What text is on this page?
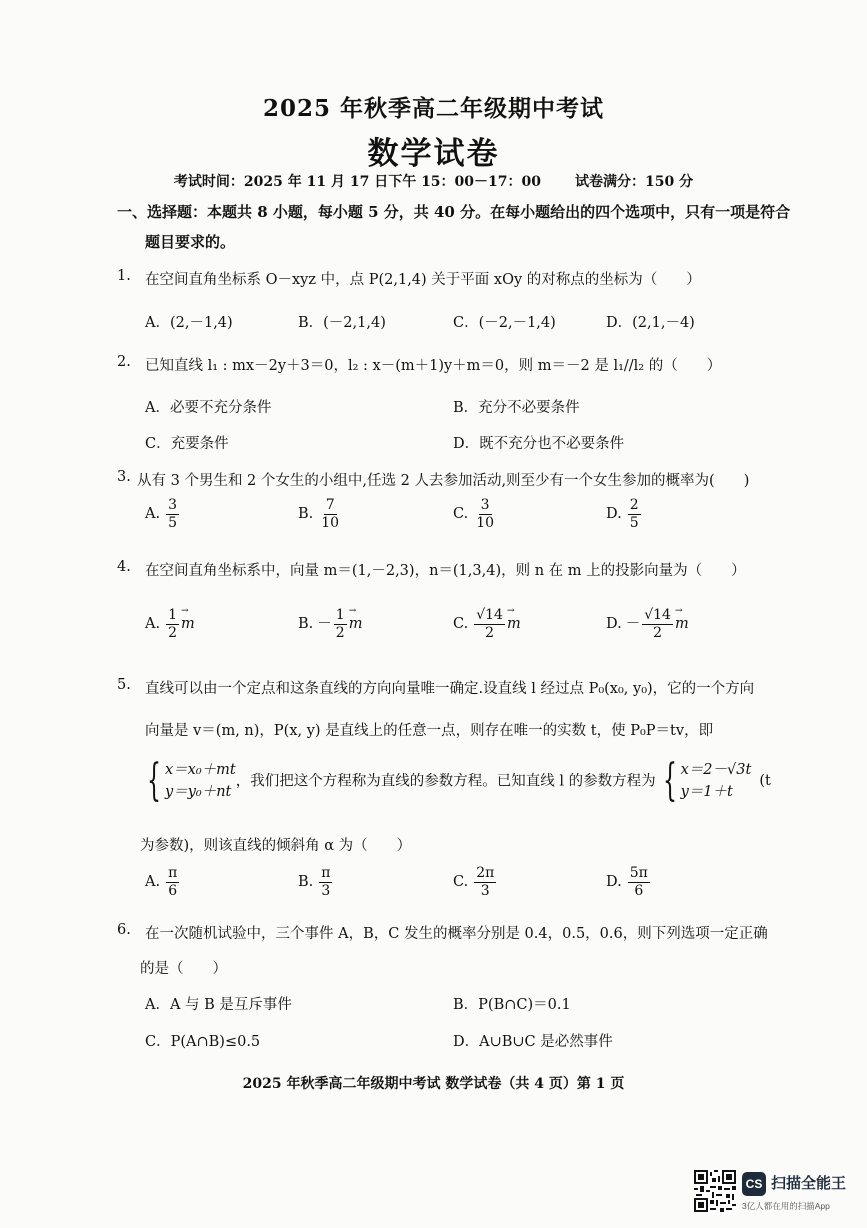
2025 年秋季高二年级期中考试
数学试卷
考试时间：2025 年 11 月 17 日下午 15：00－17：00 试卷满分：150 分
一、选择题：本题共 8 小题，每小题 5 分，共 40 分。在每小题给出的四个选项中，只有一项是符合
题目要求的。
1. 在空间直角坐标系 O－xyz 中，点 P(2,1,4) 关于平面 xOy 的对称点的坐标为（　　）
A．(2,－1,4)	B．(－2,1,4)	C．(－2,－1,4)	D．(2,1,－4)
2. 已知直线 l₁ : mx－2y＋3＝0，l₂ : x－(m＋1)y＋m＝0，则 m＝－2 是 l₁//l₂ 的（　　）
A．必要不充分条件	B．充分不必要条件
C．充要条件	D．既不充分也不必要条件
3. 从有 3 个男生和 2 个女生的小组中,任选 2 人去参加活动,则至少有一个女生参加的概率为(　　)
A. $\frac{3}{5}$	B. $\frac{7}{10}$	C. $\frac{3}{10}$	D. $\frac{2}{5}$
4. 在空间直角坐标系中，向量 m＝(1,－2,3)，n＝(1,3,4)，则 n 在 m 上的投影向量为（　　）
A. $\frac{1}{2}$
→ m	B. － $\frac{1}{2}$
→ m	C. $\frac{√14}{2}$
→ m	D. － $\frac{√14}{2}$
→ m
5. 直线可以由一个定点和这条直线的方向向量唯一确定.设直线 l 经过点 P₀(x₀, y₀)，它的一个方向
向量是 v＝(m, n)，P(x, y) 是直线上的任意一点，则存在唯一的实数 t，使 P₀P＝tv，即
{ x＝x₀＋mt
y＝y₀＋nt
，我们把这个方程称为直线的参数方程。已知直线 l 的参数方程为 { x＝2－√3t
y＝1＋t
(t
为参数)，则该直线的倾斜角 α 为（　　）
A. $\frac{\pi}{6}$	B. $\frac{\pi}{3}$	C. $\frac{2\pi}{3}$	D. $\frac{5\pi}{6}$
6. 在一次随机试验中，三个事件 A，B，C 发生的概率分别是 0.4，0.5，0.6，则下列选项一定正确
的是（　　）
A．A 与 B 是互斥事件	B．P(B∩C)＝0.1
C．P(A∩B)≤0.5	D．A∪B∪C 是必然事件
2025 年秋季高二年级期中考试 数学试卷（共 4 页）第 1 页
CS 扫描全能王
3亿人都在用的扫描App
